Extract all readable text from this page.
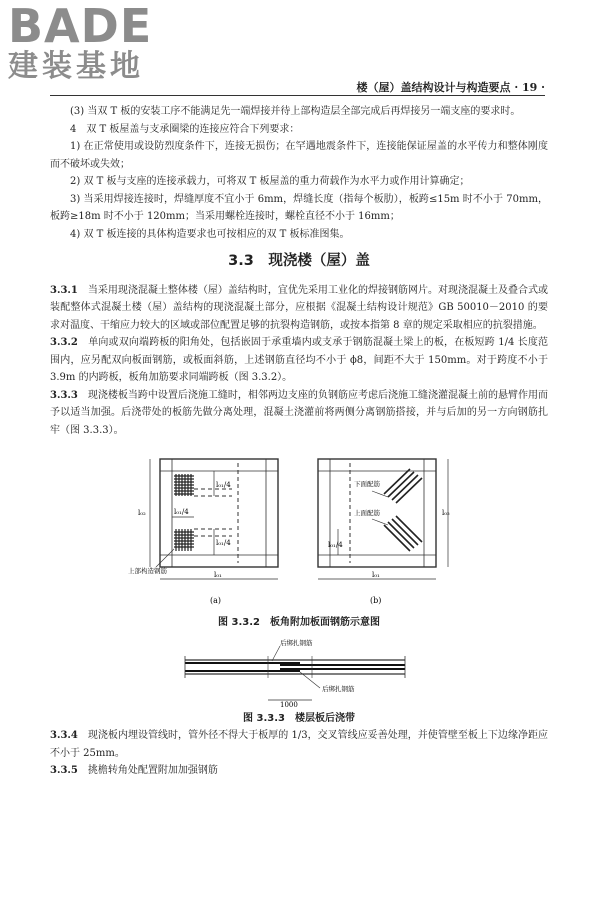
BADE
建装基地
楼（屋）盖结构设计与构造要点 · 19 ·

(3) 当双 T 板的安装工序不能满足先一端焊接并待上部构造层全部完成后再焊接另一端支座的要求时。

4　双 T 板屋盖与支承圈梁的连接应符合下列要求：

1) 在正常使用或设防烈度条件下，连接无损伤；在罕遇地震条件下，连接能保证屋盖的水平传力和整体刚度而不破坏或失效；

2) 双 T 板与支座的连接承载力，可将双 T 板屋盖的重力荷载作为水平力或作用计算确定；

3) 当采用焊接连接时，焊缝厚度不宜小于 6mm，焊缝长度（指每个板肋），板跨≤15m 时不小于 70mm，板跨≥18m 时不小于 120mm；当采用螺栓连接时，螺栓直径不小于 16mm；

4) 双 T 板连接的具体构造要求也可按相应的双 T 板标准图集。

3.3　现浇楼（屋）盖

3.3.1　 当采用现浇混凝土整体楼（屋）盖结构时，宜优先采用工业化的焊接钢筋网片。对现浇混凝土及叠合式或装配整体式混凝土楼（屋）盖结构的现浇混凝土部分，应根据《混凝土结构设计规范》GB 50010－2010 的要求对温度、干缩应力较大的区域或部位配置足够的抗裂构造钢筋，或按本指第 8 章的规定采取相应的抗裂措施。

3.3.2　 单向或双向端跨板的阳角处，包括嵌固于承重墙内或支承于钢筋混凝土梁上的板，在板短跨 1/4 长度范围内，应另配双向板面钢筋，或板面斜筋，上述钢筋直径均不小于 ϕ8，间距不大于 150mm。对于跨度不小于 3.9m 的内跨板，板角加筋要求同端跨板（图 3.3.2）。

3.3.3　 现浇楼板当跨中设置后浇施工缝时，相邻两边支座的负钢筋应考虑后浇施工缝浇灌混凝土前的悬臂作用而予以适当加强。后浇带处的板筋先做分离处理，混凝土浇灌前将两侧分离钢筋搭接，并与后加的另一方向钢筋扎牢（图 3.3.3）。

l₀₁/4
l₀₁/4
l₀₁/4
l₀₂
l₀₁
上部构造钢筋
(a)
下面配筋
上面配筋
l₀₁/4
l₀₂
l₀₁
(b)

图 3.3.2　板角附加板面钢筋示意图

后绑扎钢筋
后绑扎钢筋
1000

图 3.3.3　楼层板后浇带

3.3.4　 现浇板内埋设管线时，管外径不得大于板厚的 1/3，交叉管线应妥善处理，并使管壁至板上下边缘净距应不小于 25mm。

3.3.5　 挑檐转角处配置附加加强钢筋
